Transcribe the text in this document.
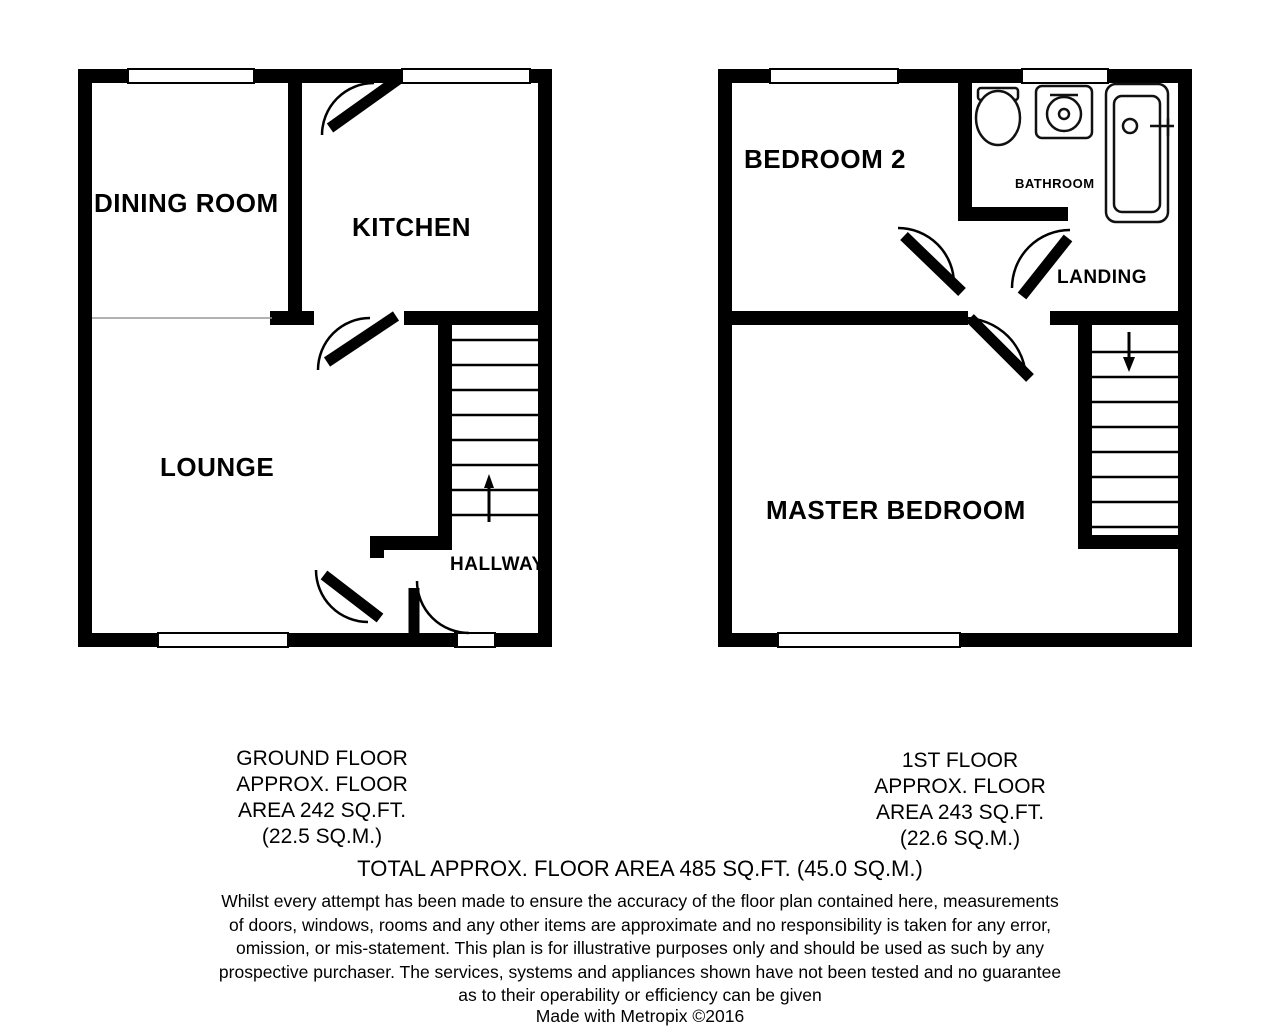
DINING ROOM
KITCHEN
LOUNGE
HALLWAY
BEDROOM 2
BATHROOM
LANDING
MASTER BEDROOM
GROUND FLOOR
APPROX. FLOOR
AREA 242 SQ.FT.
(22.5 SQ.M.)
1ST FLOOR
APPROX. FLOOR
AREA 243 SQ.FT.
(22.6 SQ.M.)
TOTAL APPROX. FLOOR AREA 485 SQ.FT. (45.0 SQ.M.)
Whilst every attempt has been made to ensure the accuracy of the floor plan contained here, measurements
of doors, windows, rooms and any other items are approximate and no responsibility is taken for any error,
omission, or mis-statement. This plan is for illustrative purposes only and should be used as such by any
prospective purchaser. The services, systems and appliances shown have not been tested and no guarantee
as to their operability or efficiency can be given
Made with Metropix ©2016
